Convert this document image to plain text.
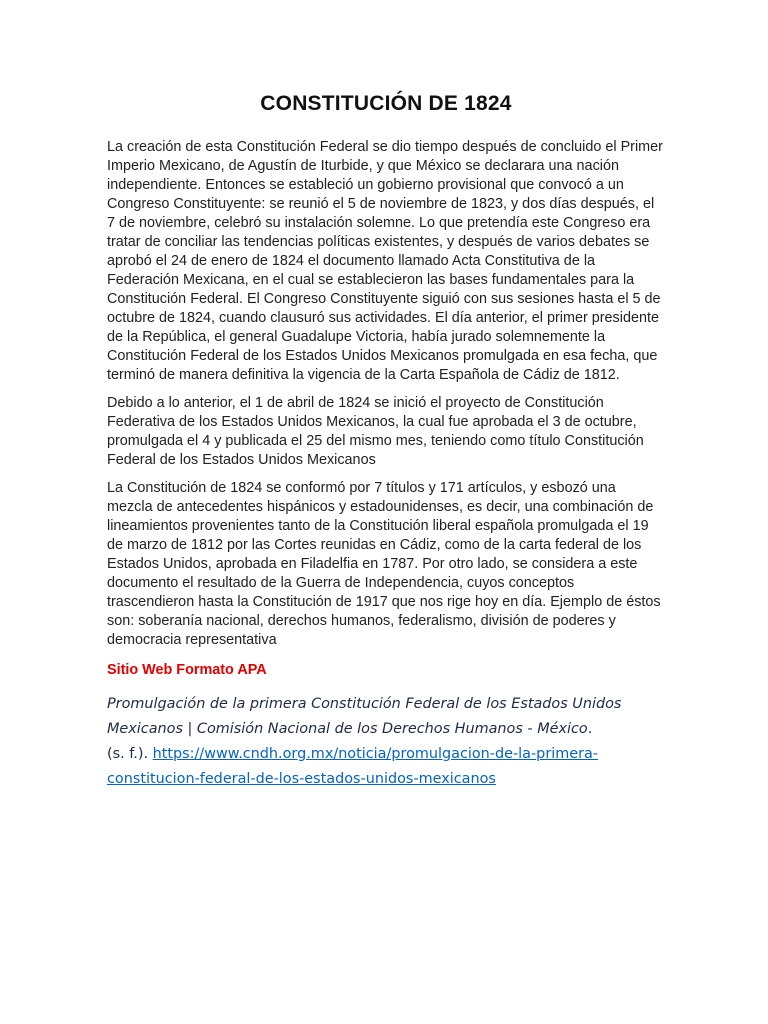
CONSTITUCIÓN DE 1824

La creación de esta Constitución Federal se dio tiempo después de concluido el Primer Imperio Mexicano, de Agustín de Iturbide, y que México se declarara una nación independiente. Entonces se estableció un gobierno provisional que convocó a un Congreso Constituyente: se reunió el 5 de noviembre de 1823, y dos días después, el 7 de noviembre, celebró su instalación solemne. Lo que pretendía este Congreso era tratar de conciliar las tendencias políticas existentes, y después de varios debates se aprobó el 24 de enero de 1824 el documento llamado Acta Constitutiva de la Federación Mexicana, en el cual se establecieron las bases fundamentales para la Constitución Federal. El Congreso Constituyente siguió con sus sesiones hasta el 5 de octubre de 1824, cuando clausuró sus actividades. El día anterior, el primer presidente de la República, el general Guadalupe Victoria, había jurado solemnemente la Constitución Federal de los Estados Unidos Mexicanos promulgada en esa fecha, que terminó de manera definitiva la vigencia de la Carta Española de Cádiz de 1812.

Debido a lo anterior, el 1 de abril de 1824 se inició el proyecto de Constitución Federativa de los Estados Unidos Mexicanos, la cual fue aprobada el 3 de octubre, promulgada el 4 y publicada el 25 del mismo mes, teniendo como título Constitución Federal de los Estados Unidos Mexicanos

La Constitución de 1824 se conformó por 7 títulos y 171 artículos, y esbozó una mezcla de antecedentes hispánicos y estadounidenses, es decir, una combinación de lineamientos provenientes tanto de la Constitución liberal española promulgada el 19 de marzo de 1812 por las Cortes reunidas en Cádiz, como de la carta federal de los Estados Unidos, aprobada en Filadelfia en 1787. Por otro lado, se considera a este documento el resultado de la Guerra de Independencia, cuyos conceptos trascendieron hasta la Constitución de 1917 que nos rige hoy en día. Ejemplo de éstos son: soberanía nacional, derechos humanos, federalismo, división de poderes y democracia representativa

Sitio Web Formato APA
Promulgación de la primera Constitución Federal de los Estados Unidos Mexicanos | Comisión Nacional de los Derechos Humanos - México.
(s. f.). https://www.cndh.org.mx/noticia/promulgacion-de-la-primera-constitucion-federal-de-los-estados-unidos-mexicanos
